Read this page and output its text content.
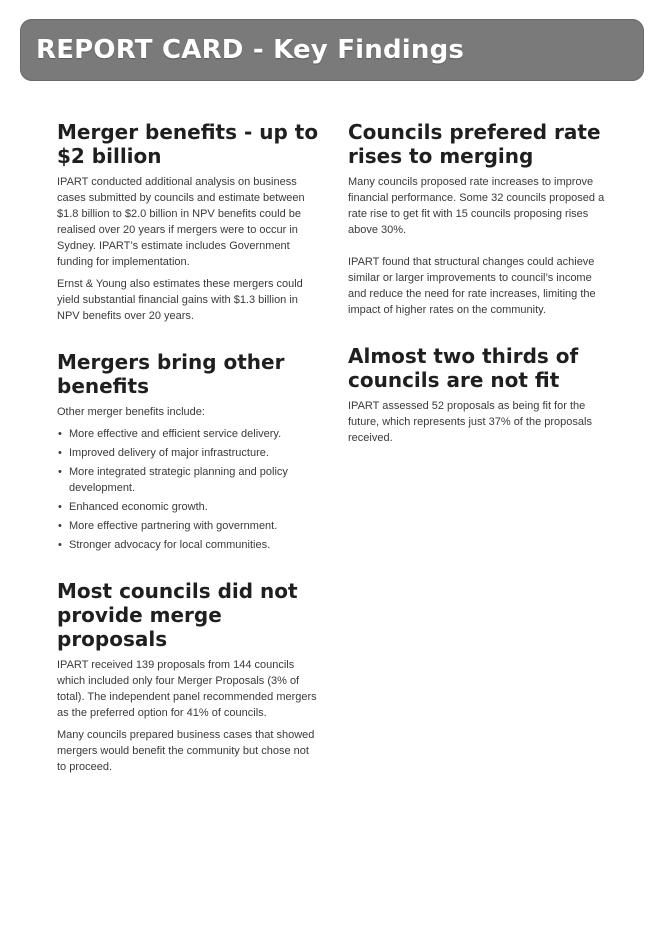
REPORT CARD - Key Findings
Merger benefits - up to $2 billion

IPART conducted additional analysis on business cases submitted by councils and estimate between $1.8 billion to $2.0 billion in NPV benefits could be realised over 20 years if mergers were to occur in Sydney. IPART’s estimate includes Government funding for implementation.

Ernst & Young also estimates these mergers could yield substantial financial gains with $1.3 billion in NPV benefits over 20 years.

Mergers bring other benefits

Other merger benefits include:

• More effective and efficient service delivery.
• Improved delivery of major infrastructure.
• More integrated strategic planning and policy development.
• Enhanced economic growth.
• More effective partnering with government.
• Stronger advocacy for local communities.
Most councils did not provide merge proposals

IPART received 139 proposals from 144 councils which included only four Merger Proposals (3% of total). The independent panel recommended mergers as the preferred option for 41% of councils.

Many councils prepared business cases that showed mergers would benefit the community but chose not to proceed.

Councils prefered rate rises to merging

Many councils proposed rate increases to improve financial performance. Some 32 councils proposed a rate rise to get fit with 15 councils proposing rises above 30%.

IPART found that structural changes could achieve similar or larger improvements to council’s income and reduce the need for rate increases, limiting the impact of higher rates on the community.

Almost two thirds of councils are not fit

IPART assessed 52 proposals as being fit for the future, which represents just 37% of the proposals received.
